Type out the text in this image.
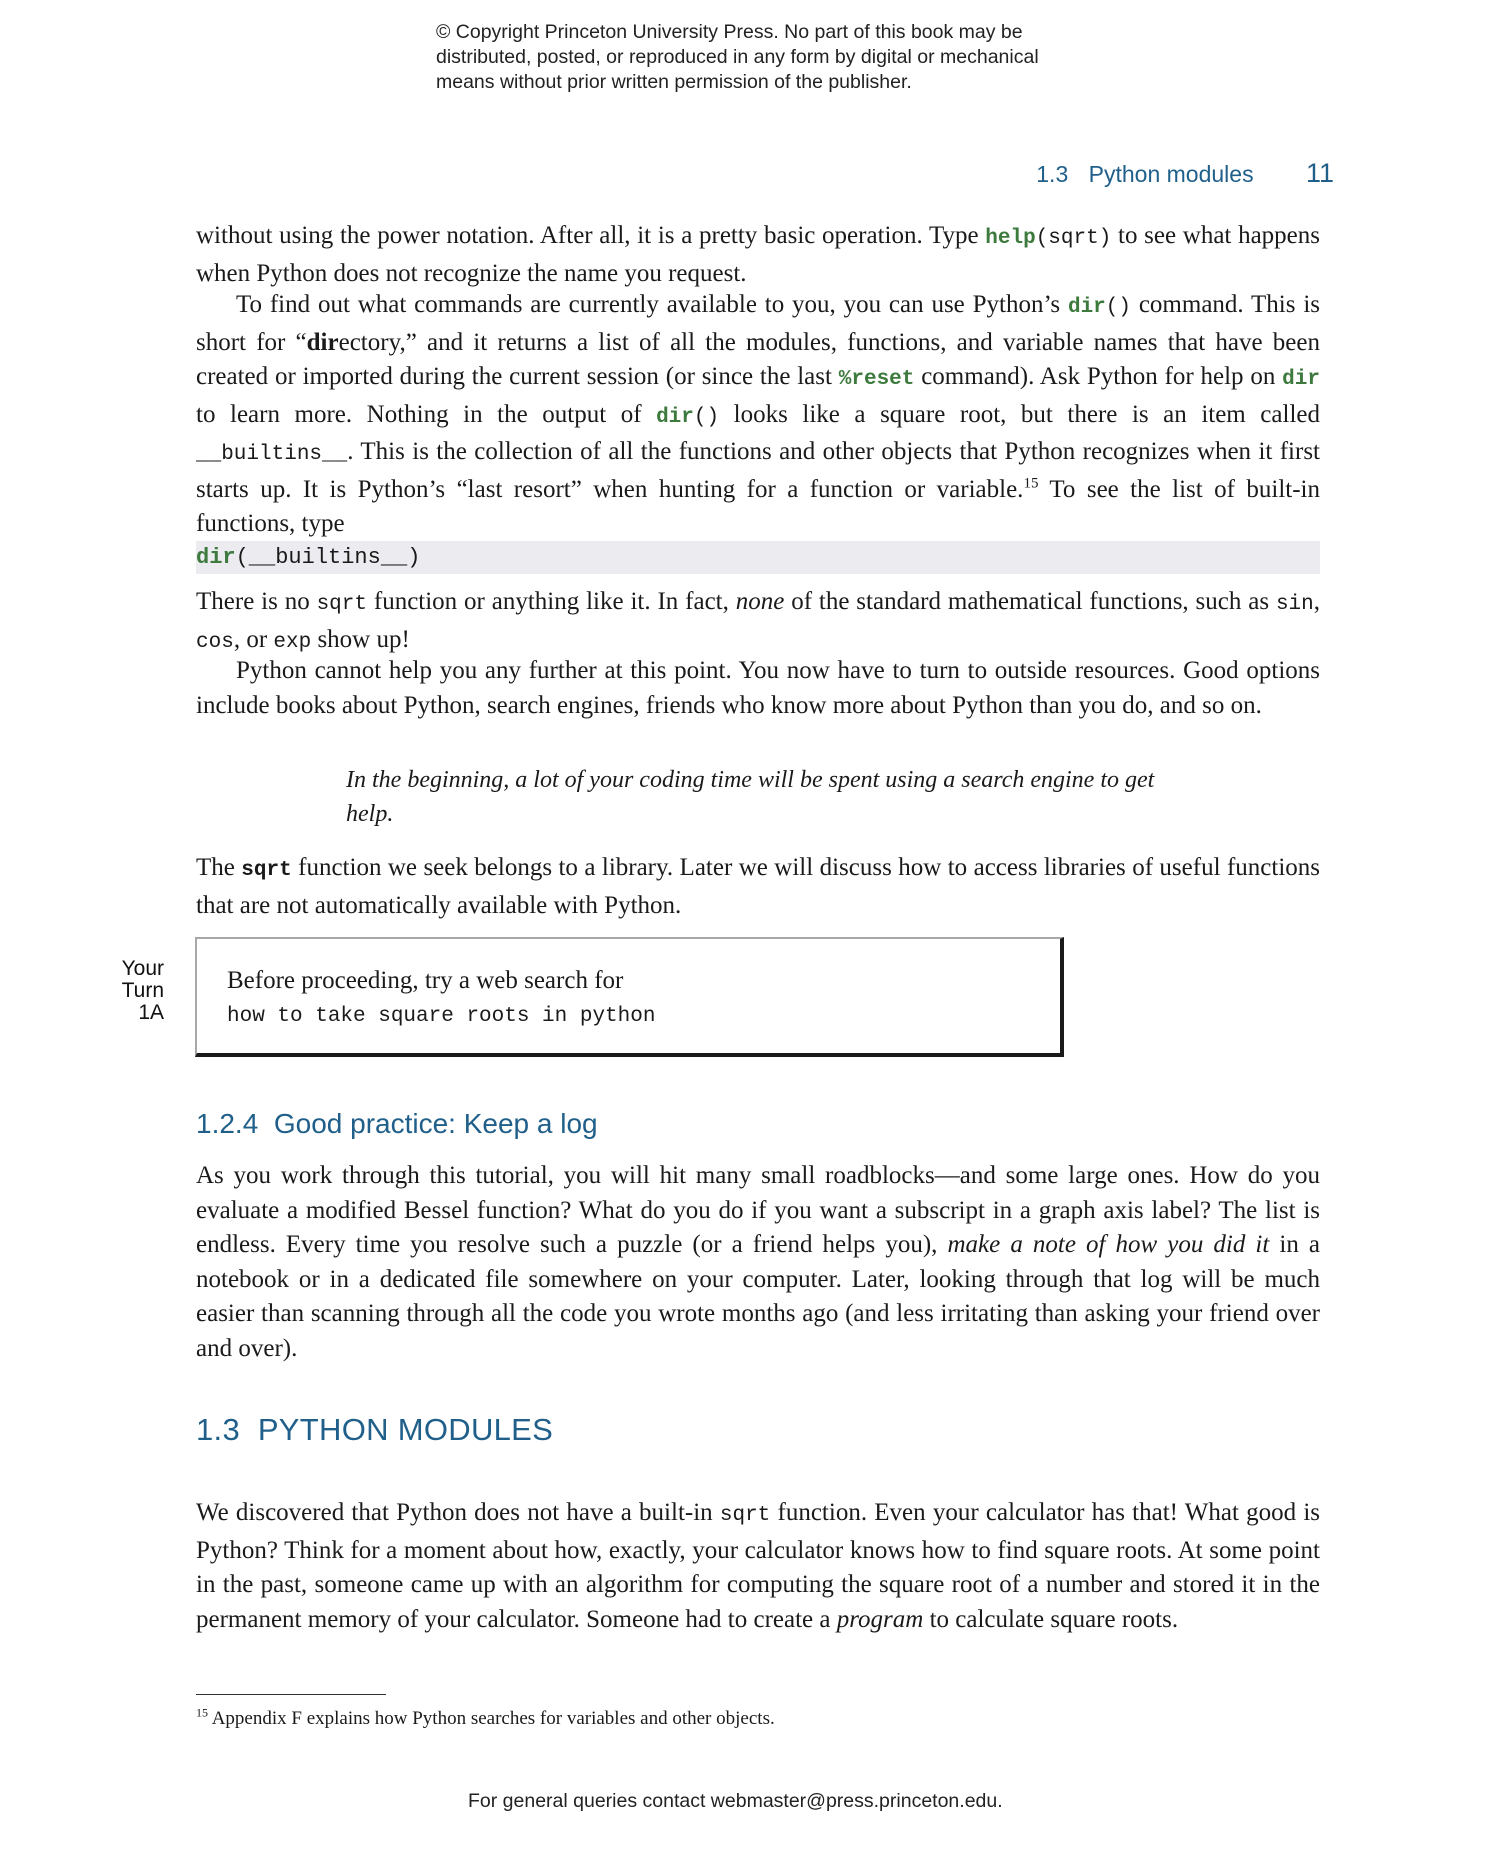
© Copyright Princeton University Press. No part of this book may be
distributed, posted, or reproduced in any form by digital or mechanical
means without prior written permission of the publisher.
1.3 Python modules 11

without using the power notation. After all, it is a pretty basic operation. Type help(sqrt) to see what happens when Python does not recognize the name you request.

To find out what commands are currently available to you, you can use Python’s dir() command. This is short for “directory,” and it returns a list of all the modules, functions, and variable names that have been created or imported during the current session (or since the last %reset command). Ask Python for help on dir to learn more. Nothing in the output of dir() looks like a square root, but there is an item called __builtins__. This is the collection of all the functions and other objects that Python recognizes when it first starts up. It is Python’s “last resort” when hunting for a function or variable.$^{15}$ To see the list of built-in functions, type

dir(__builtins__)

There is no sqrt function or anything like it. In fact, none of the standard mathematical functions, such as sin, cos, or exp show up!

Python cannot help you any further at this point. You now have to turn to outside resources. Good options include books about Python, search engines, friends who know more about Python than you do, and so on.

In the beginning, a lot of your coding time will be spent using a search engine to get help.

The sqrt function we seek belongs to a library. Later we will discuss how to access libraries of useful functions that are not automatically available with Python.

Your
Turn
1A
Before proceeding, try a web search for
how to take square roots in python
1.2.4 Good practice: Keep a log

As you work through this tutorial, you will hit many small roadblocks—and some large ones. How do you evaluate a modified Bessel function? What do you do if you want a subscript in a graph axis label? The list is endless. Every time you resolve such a puzzle (or a friend helps you), make a note of how you did it in a notebook or in a dedicated file somewhere on your computer. Later, looking through that log will be much easier than scanning through all the code you wrote months ago (and less irritating than asking your friend over and over).

1.3 PYTHON MODULES

We discovered that Python does not have a built-in sqrt function. Even your calculator has that! What good is Python? Think for a moment about how, exactly, your calculator knows how to find square roots. At some point in the past, someone came up with an algorithm for computing the square root of a number and stored it in the permanent memory of your calculator. Someone had to create a program to calculate square roots.

$^{15}$ Appendix F explains how Python searches for variables and other objects.
For general queries contact webmaster@press.princeton.edu.
